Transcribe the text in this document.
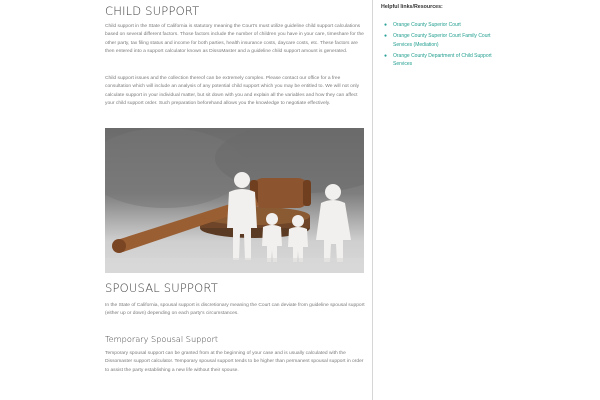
CHILD SUPPORT

Child support in the State of California is statutory meaning the Court's must utilize guideline child support calculations based on several different factors. Those factors include the number of children you have in your care, timeshare for the other party, tax filing status and income for both parties, health insurance costs, daycare costs, etc. These factors are then entered into a support calculator known as DissoMaster and a guideline child support amount is generated.

Child support issues and the collection thereof can be extremely complex. Please contact our office for a free consultation which will include an analysis of any potential child support which you may be entitled to. We will not only calculate support in your individual matter, but sit down with you and explain all the variables and how they can affect your child support order. Such preparation beforehand allows you the knowledge to negotiate effectively.

SPOUSAL SUPPORT

In the State of California, spousal support is discretionary meaning the Court can deviate from guideline spousal support (either up or down) depending on each party's circumstances.

Temporary Spousal Support

Temporary spousal support can be granted from at the beginning of your case and is usually calculated with the Dissomaster support calculator. Temporary spousal support tends to be higher than permanent spousal support in order to assist the party establishing a new life without their spouse.

Helpful links/Resources:

● Orange County Superior Court
● Orange County Superior Court Family Court Services (Mediation)
● Orange County Department of Child Support Services
